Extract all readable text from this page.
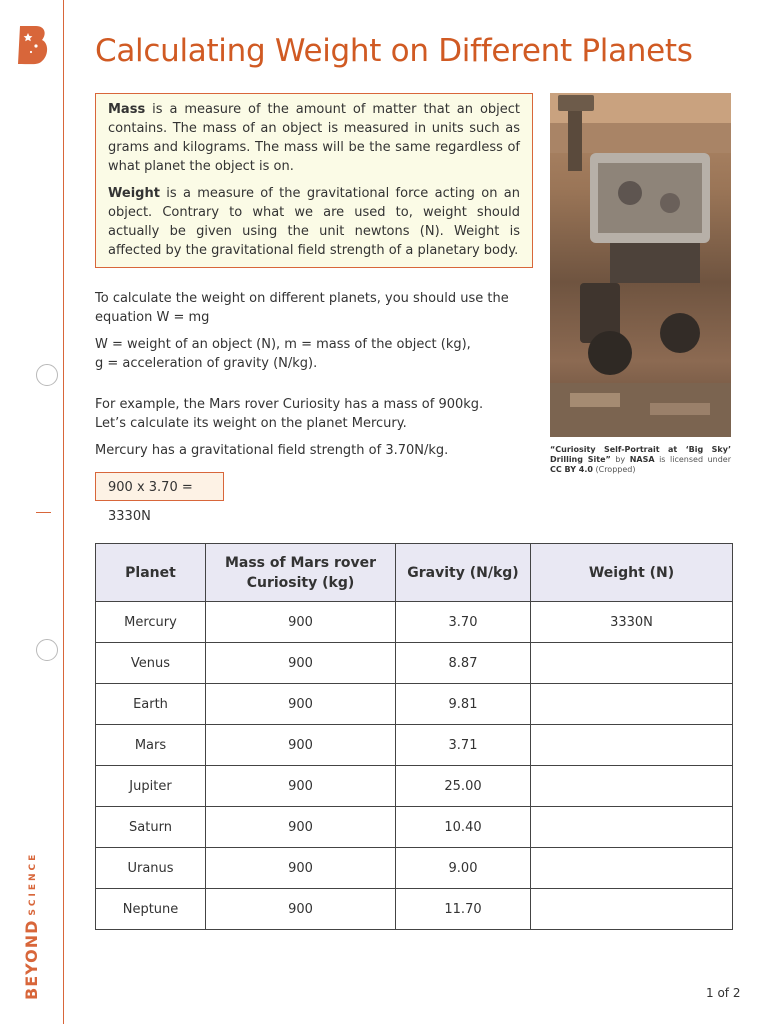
BEYONDSCIENCE
Calculating Weight on Different Planets

Mass is a measure of the amount of matter that an object contains. The mass of an object is measured in units such as grams and kilograms. The mass will be the same regardless of what planet the object is on.

Weight is a measure of the gravitational force acting on an object. Contrary to what we are used to, weight should actually be given using the unit newtons (N). Weight is affected by the gravitational field strength of a planetary body.

To calculate the weight on different planets, you should use the equation W = mg

W = weight of an object (N), m = mass of the object (kg),
g = acceleration of gravity (N/kg).

For example, the Mars rover Curiosity has a mass of 900kg.
Let’s calculate its weight on the planet Mercury.

Mercury has a gravitational field strength of 3.70N/kg.

900 x 3.70 = 3330N
“Curiosity Self-Portrait at ‘Big Sky’ Drilling Site” by NASA is licensed under CC BY 4.0 (Cropped)
Planet	Mass of Mars rover Curiosity (kg)	Gravity (N/kg)	Weight (N)
Mercury	900	3.70	3330N
Venus	900	8.87	
Earth	900	9.81	
Mars	900	3.71	
Jupiter	900	25.00	
Saturn	900	10.40	
Uranus	900	9.00	
Neptune	900	11.70	
1 of 2
